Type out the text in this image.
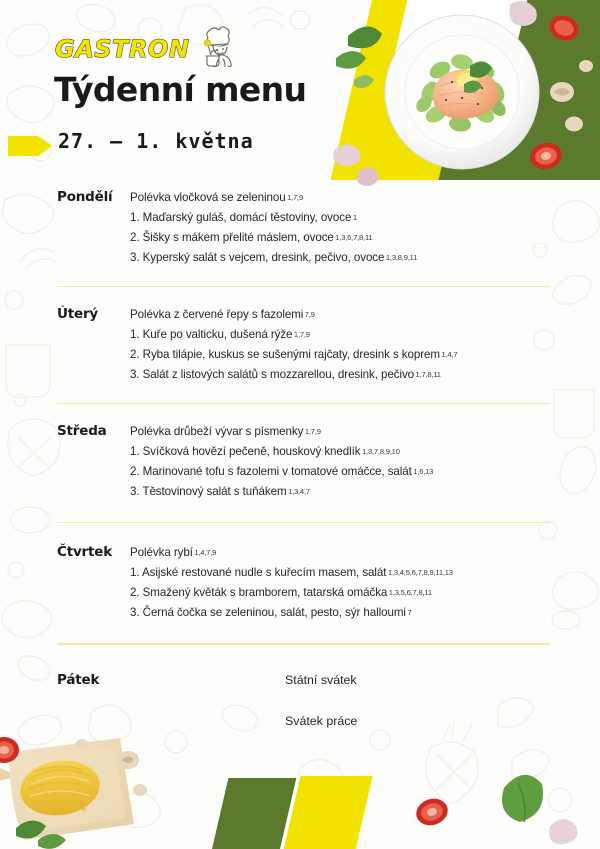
GASTRON
Týdenní menu
27. – 1. května
Pondělí	Polévka vločková se zeleninou 1,7,9
1. Maďarský guláš, domácí těstoviny, ovoce 1
2. Šišky s mákem přelité máslem, ovoce 1,3,6,7,8,11
3. Kyperský salát s vejcem, dresink, pečivo, ovoce 1,3,8,9,11
Úterý	Polévka z červené řepy s fazolemi 7,9
1. Kuře po valticku, dušená rýže 1,7,9
2. Ryba tilápie, kuskus se sušenými rajčaty, dresink s koprem 1,4,7
3. Salát z listových salátů s mozzarellou, dresink, pečivo 1,7,8,11
Středa	Polévka drůbeží vývar s písmenky 1,7,9
1. Svíčková hovězí pečeně, houskový knedlík 1,3,7,8,9,10
2. Marinované tofu s fazolemi v tomatové omáčce, salát 1,6,13
3. Těstovinový salát s tuňákem 1,3,4,7
Čtvrtek	Polévka rybí 1,4,7,9
1. Asijské restované nudle s kuřecím masem, salát 1,3,4,5,6,7,8,9,11,13
2. Smažený květák s bramborem, tatarská omáčka 1,3,5,6,7,8,11
3. Černá čočka se zeleninou, salát, pesto, sýr halloumi 7
Pátek	Státní svátek
Svátek práce
